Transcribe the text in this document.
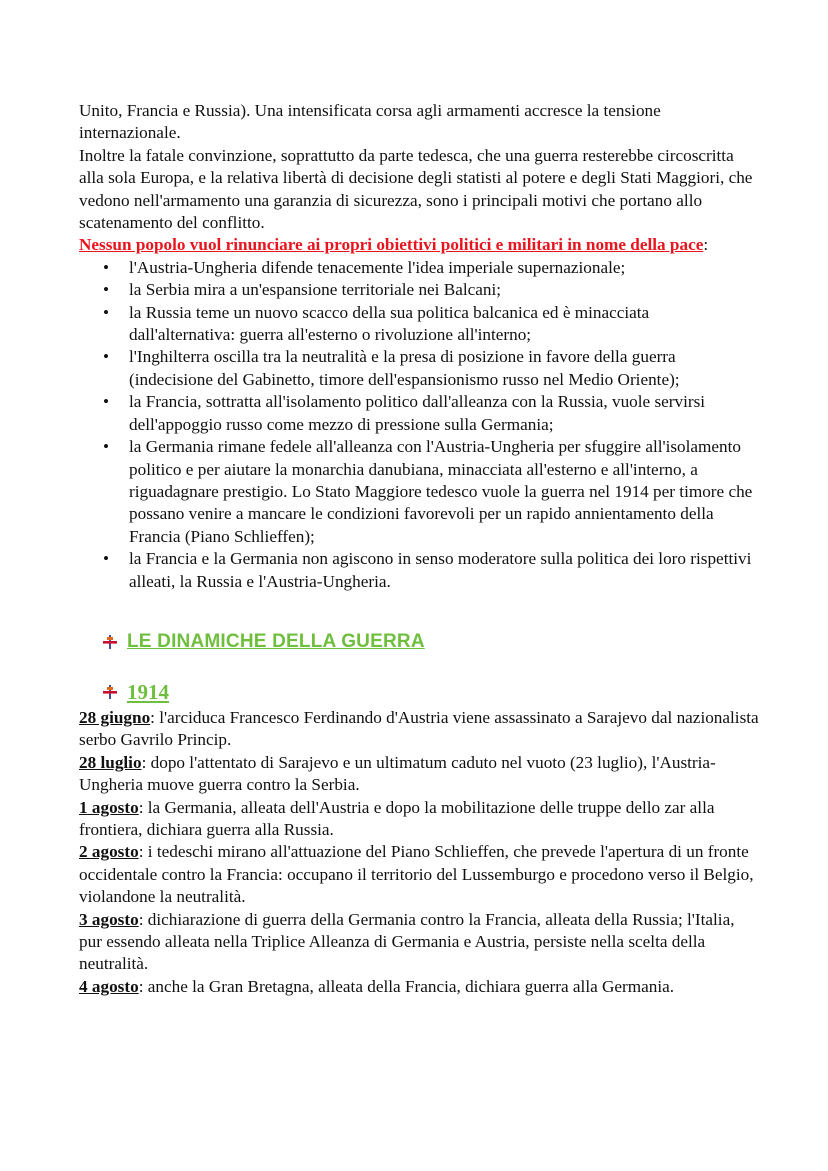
Unito, Francia e Russia). Una intensificata corsa agli armamenti accresce la tensione internazionale.

Inoltre la fatale convinzione, soprattutto da parte tedesca, che una guerra resterebbe circoscritta alla sola Europa, e la relativa libertà di decisione degli statisti al potere e degli Stati Maggiori, che vedono nell'armamento una garanzia di sicurezza, sono i principali motivi che portano allo scatenamento del conflitto.

Nessun popolo vuol rinunciare ai propri obiettivi politici e militari in nome della pace:

• l'Austria-Ungheria difende tenacemente l'idea imperiale supernazionale;
• la Serbia mira a un'espansione territoriale nei Balcani;
• la Russia teme un nuovo scacco della sua politica balcanica ed è minacciata dall'alternativa: guerra all'esterno o rivoluzione all'interno;
• l'Inghilterra oscilla tra la neutralità e la presa di posizione in favore della guerra (indecisione del Gabinetto, timore dell'espansionismo russo nel Medio Oriente);
• la Francia, sottratta all'isolamento politico dall'alleanza con la Russia, vuole servirsi dell'appoggio russo come mezzo di pressione sulla Germania;
• la Germania rimane fedele all'alleanza con l'Austria-Ungheria per sfuggire all'isolamento politico e per aiutare la monarchia danubiana, minacciata all'esterno e all'interno, a riguadagnare prestigio. Lo Stato Maggiore tedesco vuole la guerra nel 1914 per timore che possano venire a mancare le condizioni favorevoli per un rapido annientamento della Francia (Piano Schlieffen);
• la Francia e la Germania non agiscono in senso moderatore sulla politica dei loro rispettivi alleati, la Russia e l'Austria-Ungheria.
LE DINAMICHE DELLA GUERRA
1914

28 giugno: l'arciduca Francesco Ferdinando d'Austria viene assassinato a Sarajevo dal nazionalista serbo Gavrilo Princip.

28 luglio: dopo l'attentato di Sarajevo e un ultimatum caduto nel vuoto (23 luglio), l'Austria-Ungheria muove guerra contro la Serbia.

1 agosto: la Germania, alleata dell'Austria e dopo la mobilitazione delle truppe dello zar alla frontiera, dichiara guerra alla Russia.

2 agosto: i tedeschi mirano all'attuazione del Piano Schlieffen, che prevede l'apertura di un fronte occidentale contro la Francia: occupano il territorio del Lussemburgo e procedono verso il Belgio, violandone la neutralità.

3 agosto: dichiarazione di guerra della Germania contro la Francia, alleata della Russia; l'Italia, pur essendo alleata nella Triplice Alleanza di Germania e Austria, persiste nella scelta della neutralità.

4 agosto: anche la Gran Bretagna, alleata della Francia, dichiara guerra alla Germania.
